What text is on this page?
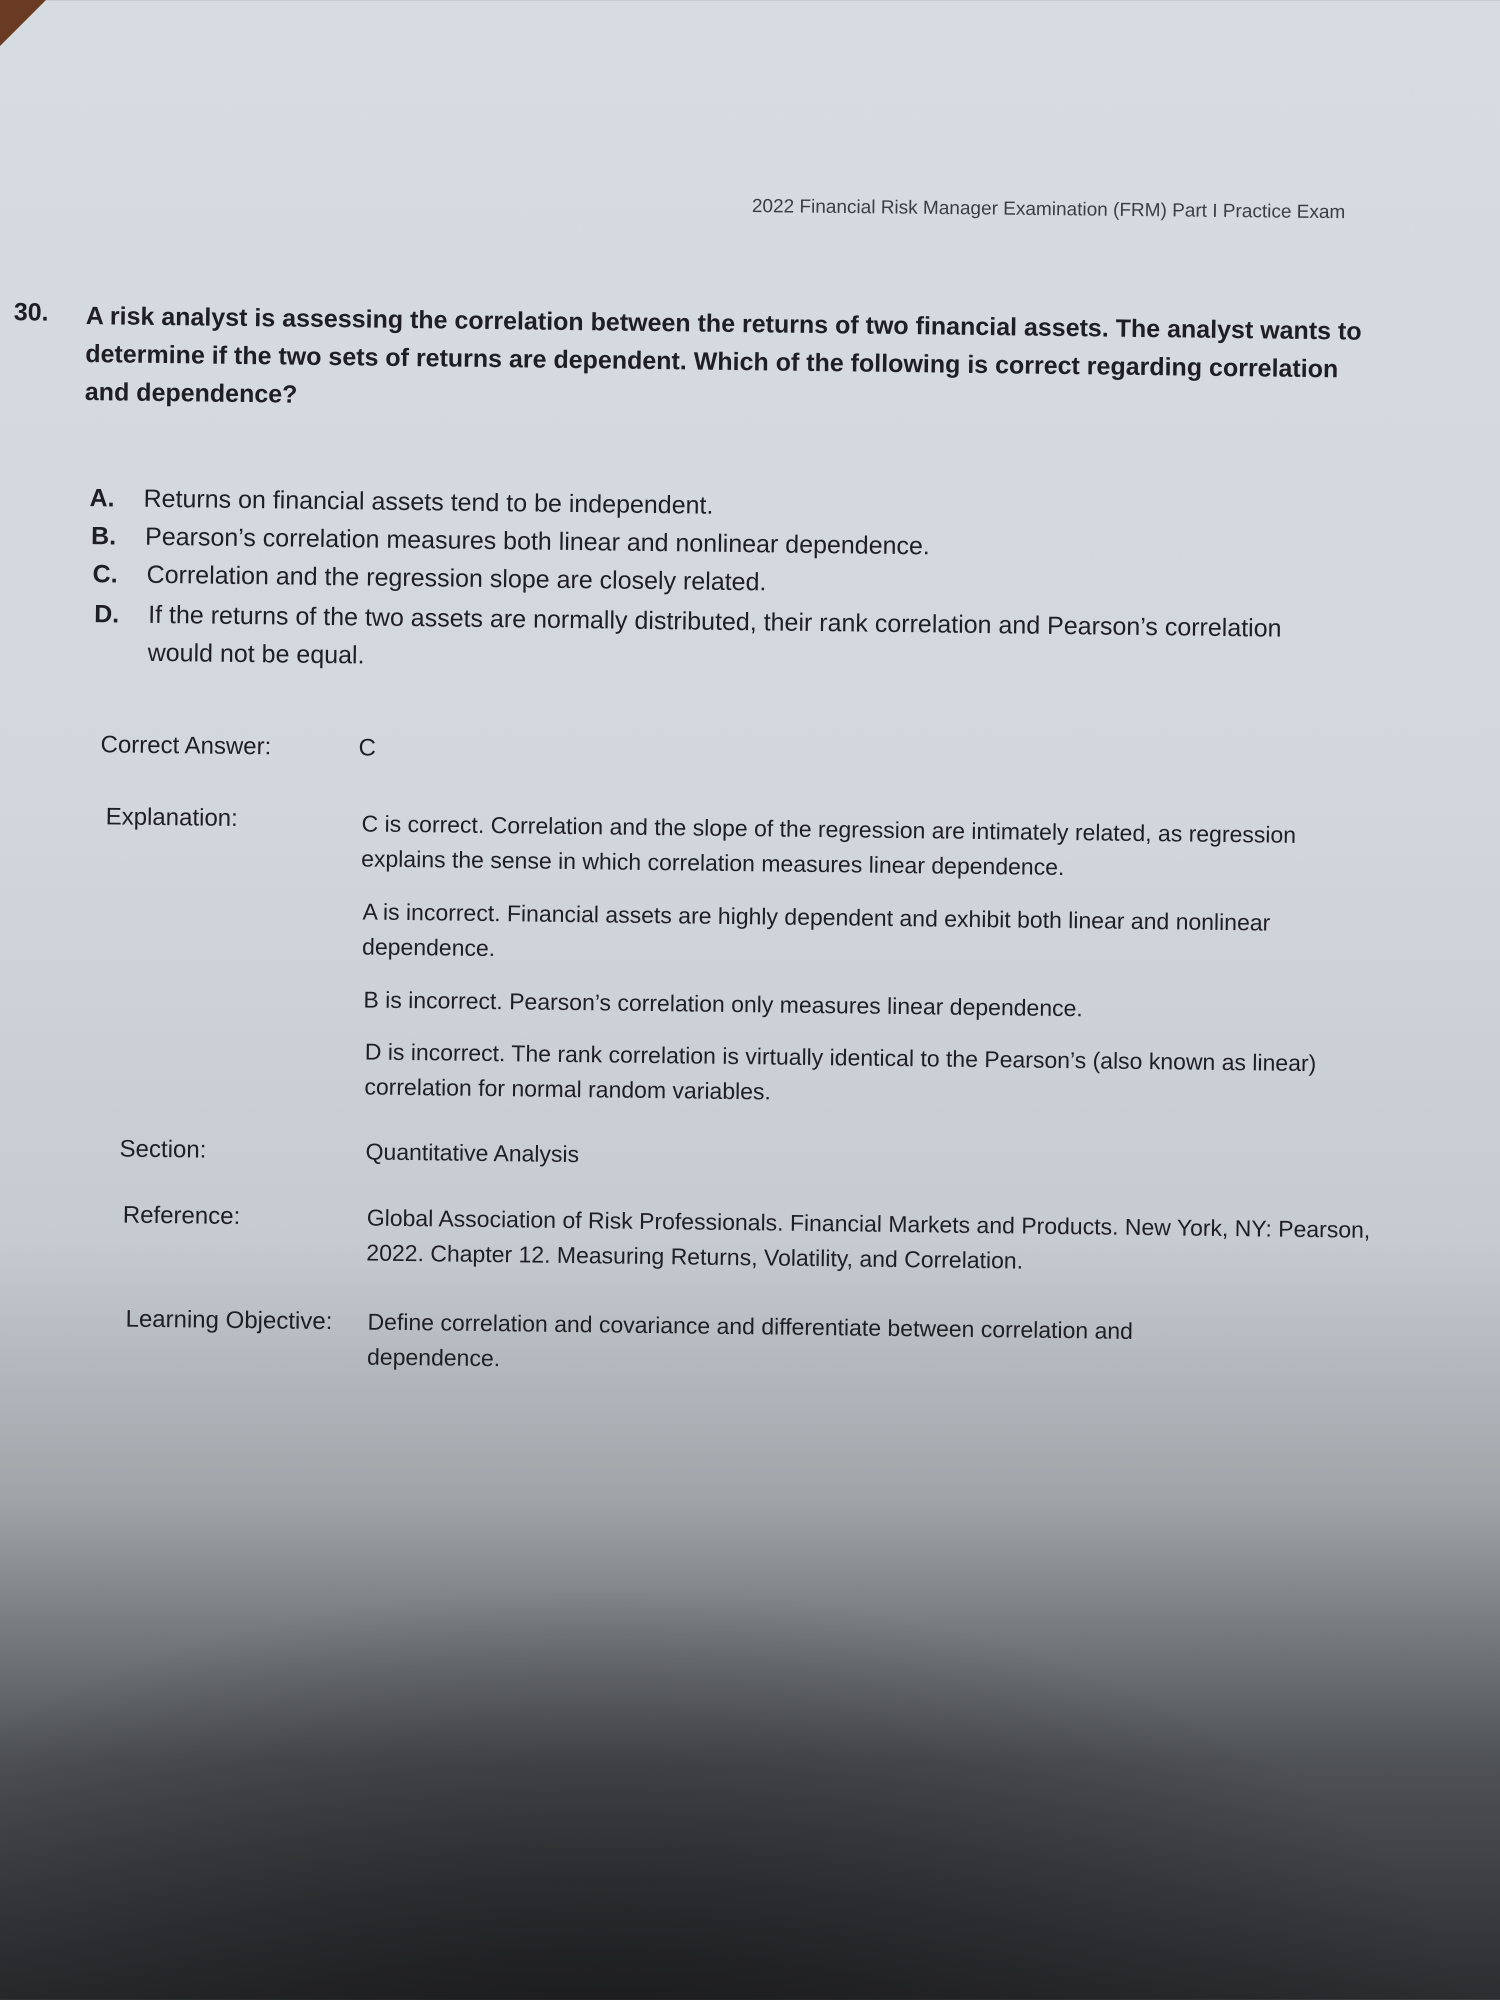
2022 Financial Risk Manager Examination (FRM) Part I Practice Exam
30. A risk analyst is assessing the correlation between the returns of two financial assets. The analyst wants to determine if the two sets of returns are dependent. Which of the following is correct regarding correlation and dependence?
A. Returns on financial assets tend to be independent.
B. Pearson’s correlation measures both linear and nonlinear dependence.
C. Correlation and the regression slope are closely related.
D. If the returns of the two assets are normally distributed, their rank correlation and Pearson’s correlation would not be equal.
Correct Answer:	C
Explanation:	C is correct. Correlation and the slope of the regression are intimately related, as regression explains the sense in which correlation measures linear dependence.
A is incorrect. Financial assets are highly dependent and exhibit both linear and nonlinear dependence.
B is incorrect. Pearson’s correlation only measures linear dependence.
D is incorrect. The rank correlation is virtually identical to the Pearson’s (also known as linear) correlation for normal random variables.
Section:	Quantitative Analysis
Reference:	Global Association of Risk Professionals. Financial Markets and Products. New York, NY: Pearson, 2022. Chapter 12. Measuring Returns, Volatility, and Correlation.
Learning Objective: Define correlation and covariance and differentiate between correlation and dependence.
